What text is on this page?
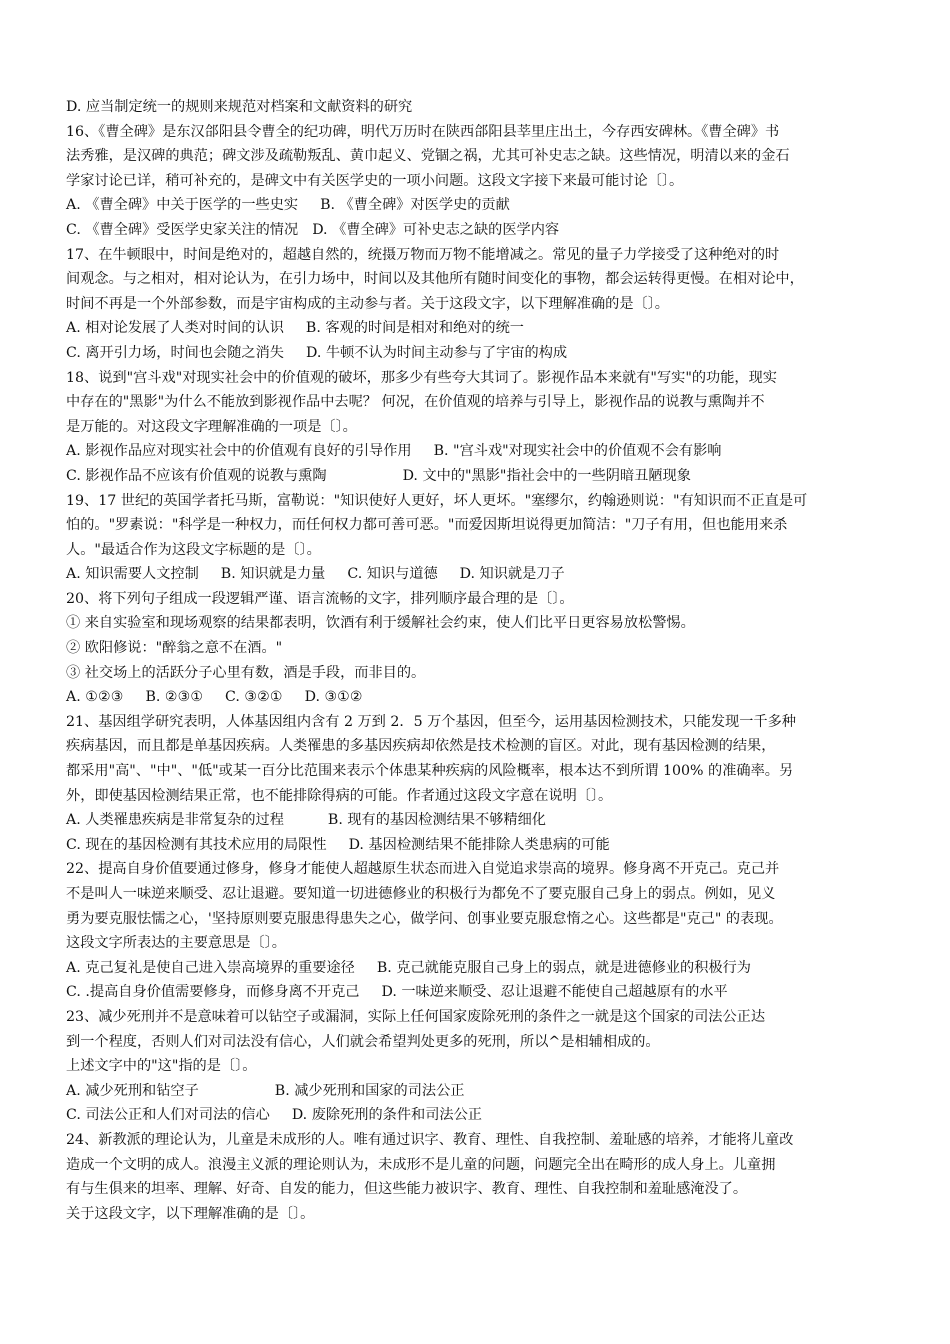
D. 应当制定统一的规则来规范对档案和文献资料的研究
16、《曹全碑》是东汉郃阳县令曹全的纪功碑，明代万历时在陕西郃阳县莘里庄出土，今存西安碑林。《曹全碑》书
法秀雅，是汉碑的典范；碑文涉及疏勒叛乱、黄巾起义、党锢之祸，尤其可补史志之缺。这些情况，明清以来的金石
学家讨论已详，稍可补充的，是碑文中有关医学史的一项小问题。这段文字接下来最可能讨论〔〕。
A. 《曹全碑》中关于医学的一些史实 B. 《曹全碑》对医学史的贡献
C. 《曹全碑》受医学史家关注的情况 D. 《曹全碑》可补史志之缺的医学内容
17、在牛顿眼中，时间是绝对的，超越自然的，统摄万物而万物不能增减之。常见的量子力学接受了这种绝对的时
间观念。与之相对，相对论认为，在引力场中，时间以及其他所有随时间变化的事物，都会运转得更慢。在相对论中，
时间不再是一个外部参数，而是宇宙构成的主动参与者。关于这段文字，以下理解准确的是〔〕。
A. 相对论发展了人类对时间的认识 B. 客观的时间是相对和绝对的统一
C. 离开引力场，时间也会随之消失 D. 牛顿不认为时间主动参与了宇宙的构成
18、说到"宫斗戏"对现实社会中的价值观的破坏，那多少有些夸大其词了。影视作品本来就有"写实"的功能，现实
中存在的"黑影"为什么不能放到影视作品中去呢？ 何况，在价值观的培养与引导上，影视作品的说教与熏陶并不
是万能的。对这段文字理解准确的一项是〔〕。
A. 影视作品应对现实社会中的价值观有良好的引导作用 B. "宫斗戏"对现实社会中的价值观不会有影响
C. 影视作品不应该有价值观的说教与熏陶	D. 文中的"黑影"指社会中的一些阴暗丑陋现象
19、17 世纪的英国学者托马斯，富勒说："知识使好人更好，坏人更坏。"塞缪尔，约翰逊则说："有知识而不正直是可
怕的。"罗素说："科学是一种权力，而任何权力都可善可恶。"而爱因斯坦说得更加简洁："刀子有用，但也能用来杀
人。"最适合作为这段文字标题的是〔〕。
A. 知识需要人文控制 B. 知识就是力量 C. 知识与道德 D. 知识就是刀子
20、将下列句子组成一段逻辑严谨、语言流畅的文字，排列顺序最合理的是〔〕。
① 来自实验室和现场观察的结果都表明，饮酒有利于缓解社会约束，使人们比平日更容易放松警惕。
② 欧阳修说："醉翁之意不在酒。"
③ 社交场上的活跃分子心里有数，酒是手段，而非目的。
A. ①②③ B. ②③① C. ③②① D. ③①②
21、基因组学研究表明，人体基因组内含有 2 万到 2．5 万个基因，但至今，运用基因检测技术，只能发现一千多种
疾病基因，而且都是单基因疾病。人类罹患的多基因疾病却依然是技术检测的盲区。对此，现有基因检测的结果，
都采用"高"、"中"、"低"或某一百分比范围来表示个体患某种疾病的风险概率，根本达不到所谓 100% 的准确率。另
外，即使基因检测结果正常，也不能排除得病的可能。作者通过这段文字意在说明〔〕。
A. 人类罹患疾病是非常复杂的过程	B. 现有的基因检测结果不够精细化
C. 现在的基因检测有其技术应用的局限性 D. 基因检测结果不能排除人类患病的可能
22、提高自身价值要通过修身，修身才能使人超越原生状态而进入自觉追求崇高的境界。修身离不开克己。克己并
不是叫人一味逆来顺受、忍让退避。要知道一切进德修业的积极行为都免不了要克服自己身上的弱点。例如，见义
勇为要克服怯懦之心，'坚持原则要克服患得患失之心，做学问、创事业要克服怠惰之心。这些都是"克己" 的表现。
这段文字所表达的主要意思是〔〕。
A. 克己复礼是使自己进入崇高境界的重要途径 B. 克己就能克服自己身上的弱点，就是进德修业的积极行为
C. .提高自身价值需要修身，而修身离不开克己 D. 一味逆来顺受、忍让退避不能使自己超越原有的水平
23、减少死刑并不是意味着可以钻空子或漏洞，实际上任何国家废除死刑的条件之一就是这个国家的司法公正达
到一个程度，否则人们对司法没有信心，人们就会希望判处更多的死刑，所以^是相辅相成的。
上述文字中的"这"指的是〔〕。
A. 减少死刑和钻空子	B. 减少死刑和国家的司法公正
C. 司法公正和人们对司法的信心 D. 废除死刑的条件和司法公正
24、新教派的理论认为，儿童是未成形的人。唯有通过识字、教育、理性、自我控制、羞耻感的培养，才能将儿童改
造成一个文明的成人。浪漫主义派的理论则认为，未成形不是儿童的问题，问题完全出在畸形的成人身上。儿童拥
有与生俱来的坦率、理解、好奇、自发的能力，但这些能力被识字、教育、理性、自我控制和羞耻感淹没了。
关于这段文字，以下理解准确的是〔〕。
